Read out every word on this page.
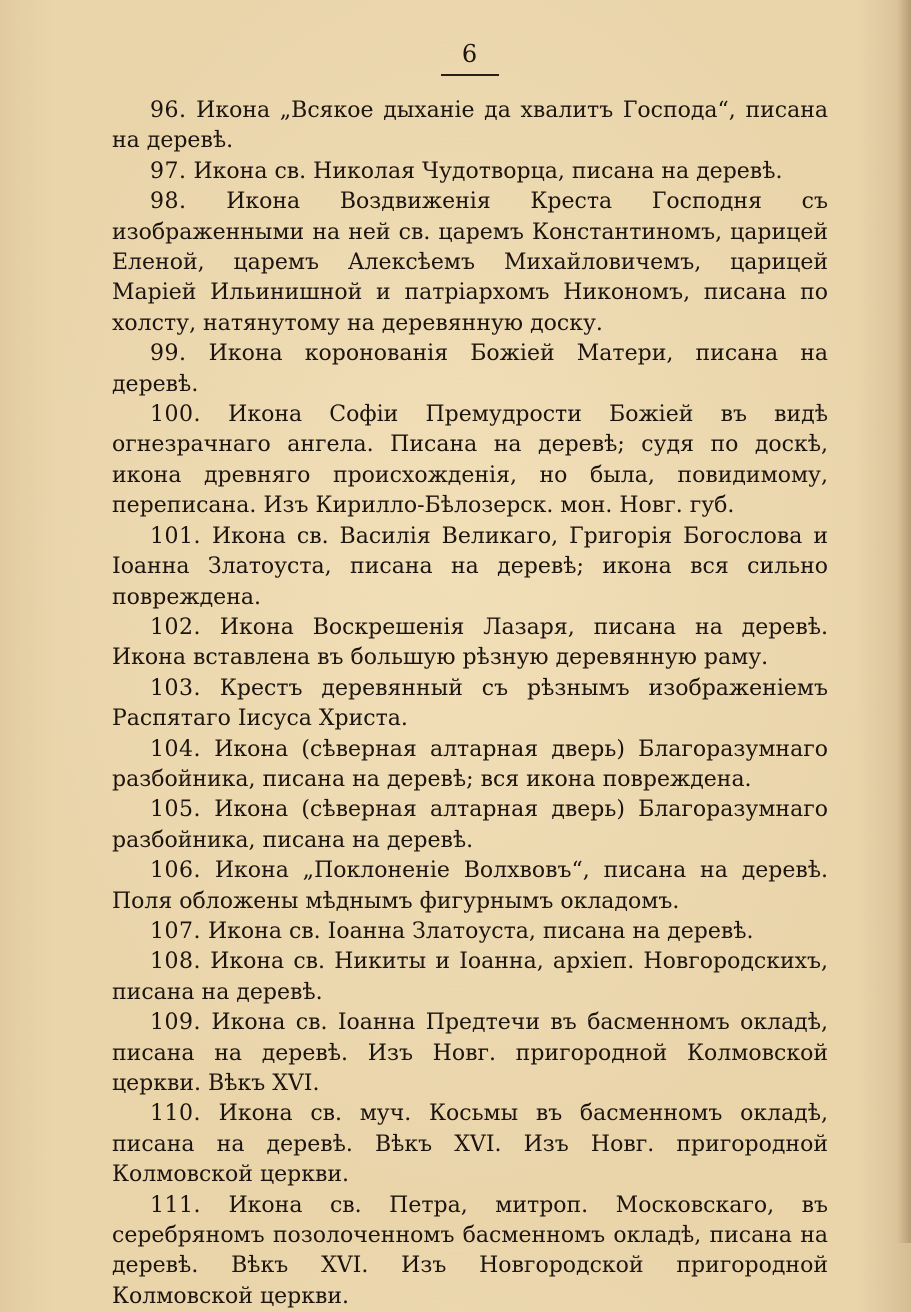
6

96. Икона „Всякое дыханіе да хвалитъ Господа“, писана на деревѣ.

97. Икона св. Николая Чудотворца, писана на деревѣ.

98. Икона Воздвиженія Креста Господня съ изображенными на ней св. царемъ Константиномъ, царицей Еленой, царемъ Алексѣемъ Михайловичемъ, царицей Маріей Ильинишной и патріархомъ Никономъ, писана по холсту, натянутому на деревянную доску.

99. Икона коронованія Божіей Матери, писана на деревѣ.

100. Икона Софіи Премудрости Божіей въ видѣ огнезрачнаго ангела. Писана на деревѣ; судя по доскѣ, икона древняго происхожденія, но была, повидимому, переписана. Изъ Кирилло-Бѣлозерск. мон. Новг. губ.

101. Икона св. Василія Великаго, Григорія Богослова и Іоанна Златоуста, писана на деревѣ; икона вся сильно повреждена.

102. Икона Воскрешенія Лазаря, писана на деревѣ. Икона вставлена въ большую рѣзную деревянную раму.

103. Крестъ деревянный съ рѣзнымъ изображеніемъ Распятаго Іисуса Христа.

104. Икона (сѣверная алтарная дверь) Благоразумнаго разбойника, писана на деревѣ; вся икона повреждена.

105. Икона (сѣверная алтарная дверь) Благоразумнаго разбойника, писана на деревѣ.

106. Икона „Поклоненіе Волхвовъ“, писана на деревѣ. Поля обложены мѣднымъ фигурнымъ окладомъ.

107. Икона св. Іоанна Златоуста, писана на деревѣ.

108. Икона св. Никиты и Іоанна, архіеп. Новгородскихъ, писана на деревѣ.

109. Икона св. Іоанна Предтечи въ басменномъ окладѣ, писана на деревѣ. Изъ Новг. пригородной Колмовской церкви. Вѣкъ XVI.

110. Икона св. муч. Косьмы въ басменномъ окладѣ, писана на деревѣ. Вѣкъ XVI. Изъ Новг. пригородной Колмовской церкви.

111. Икона св. Петра, митроп. Московскаго, въ серебряномъ позолоченномъ басменномъ окладѣ, писана на деревѣ. Вѣкъ XVI. Изъ Новгородской пригородной Колмовской церкви.
